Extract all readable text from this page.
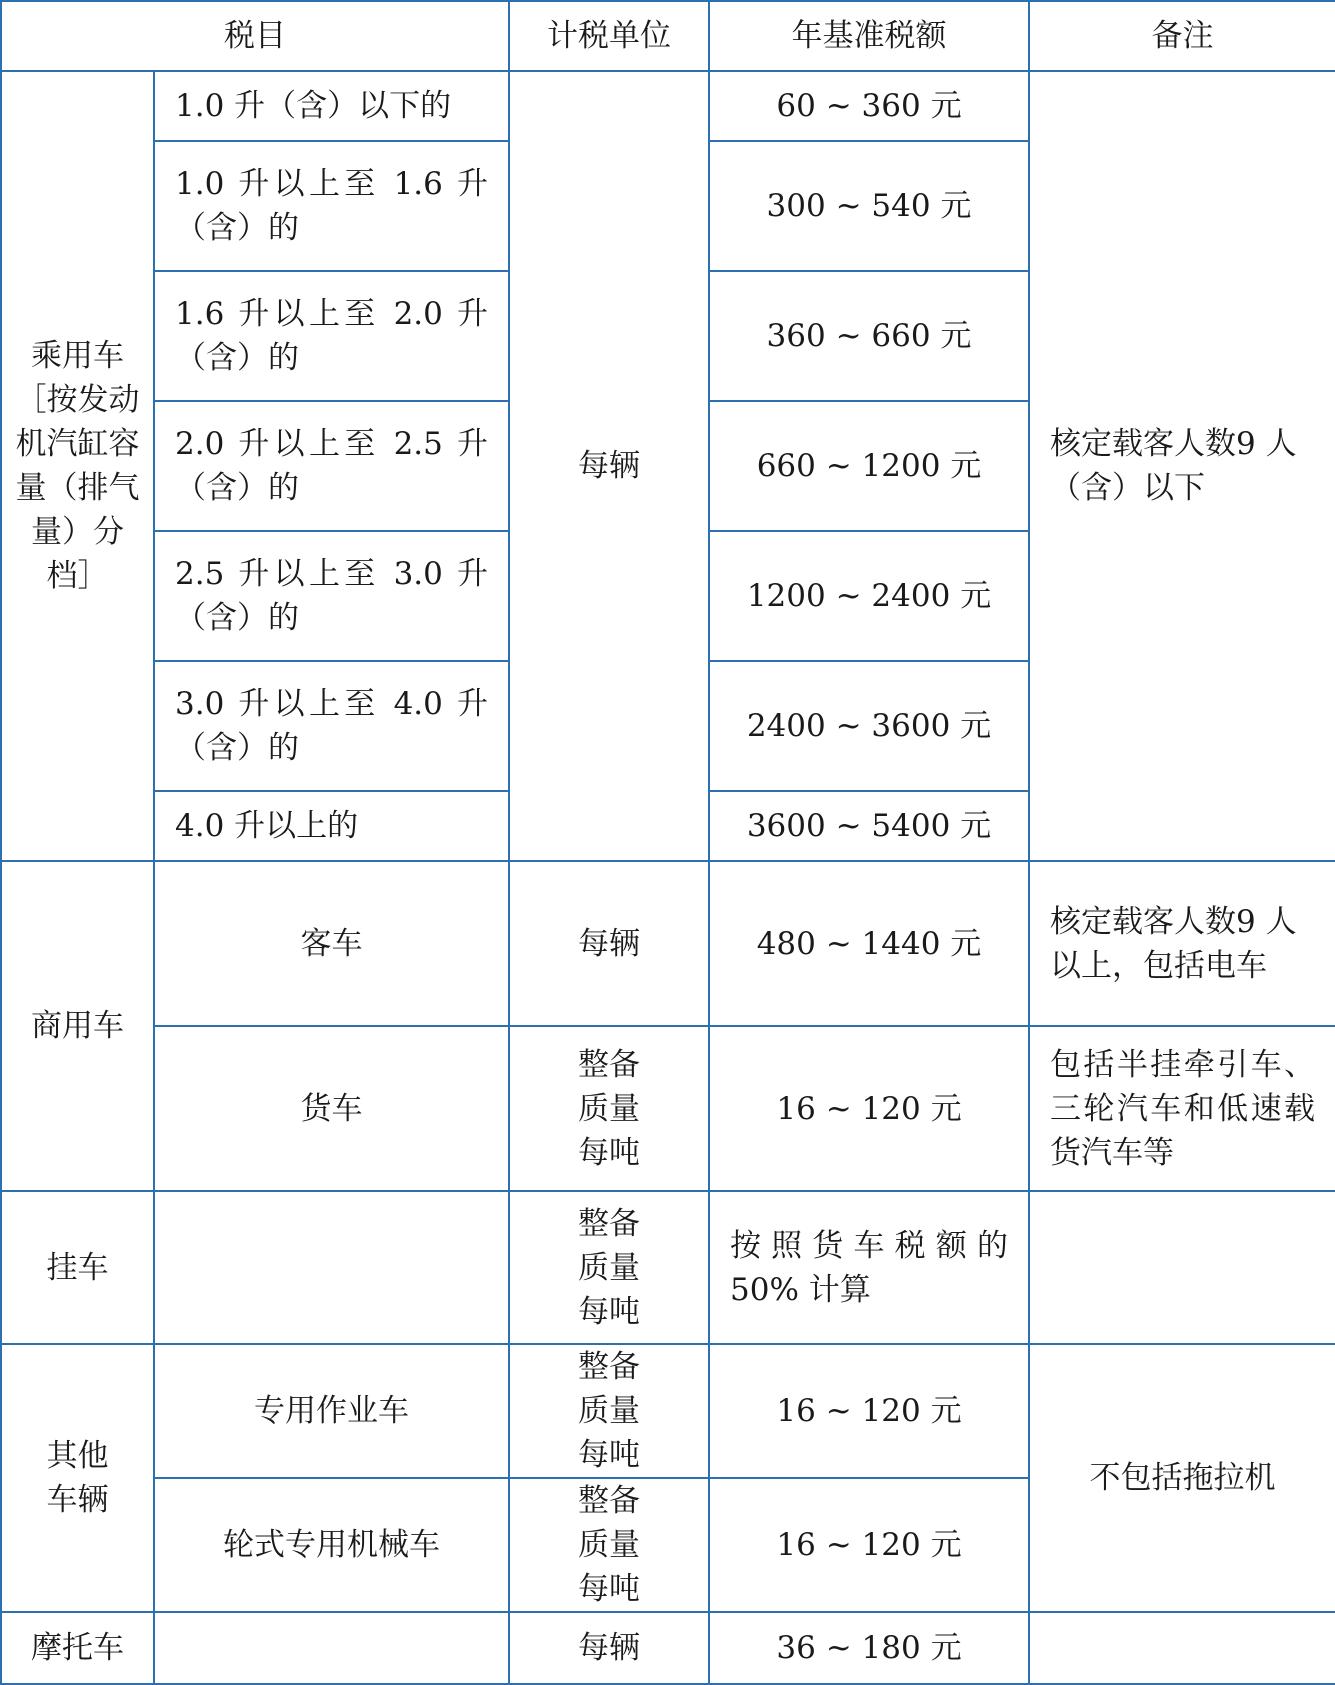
税目		计税单位	年基准税额	备注
乘用车［按发动机汽缸容量（排气量）分档］	1.0 升（含）以下的	每辆	60 ~ 360 元	核定载客人数9 人（含）以下
	1.0 升以上至 1.6 升（含）的		300 ~ 540 元	
	1.6 升以上至 2.0 升（含）的		360 ~ 660 元	
	2.0 升以上至 2.5 升（含）的		660 ~ 1200 元	
	2.5 升以上至 3.0 升（含）的		1200 ~ 2400 元	
	3.0 升以上至 4.0 升（含）的		2400 ~ 3600 元	
	4.0 升以上的		3600 ~ 5400 元	
商用车	客车	每辆	480 ~ 1440 元	核定载客人数9 人以上，包括电车
	货车	整备质量每吨	16 ~ 120 元	包括半挂牵引车、三轮汽车和低速载货汽车等
挂车		整备质量每吨	按照货车税额的50% 计算	
其他车辆	专用作业车	整备质量每吨	16 ~ 120 元	不包括拖拉机
	轮式专用机械车	整备质量每吨	16 ~ 120 元	
摩托车		每辆	36 ~ 180 元	
